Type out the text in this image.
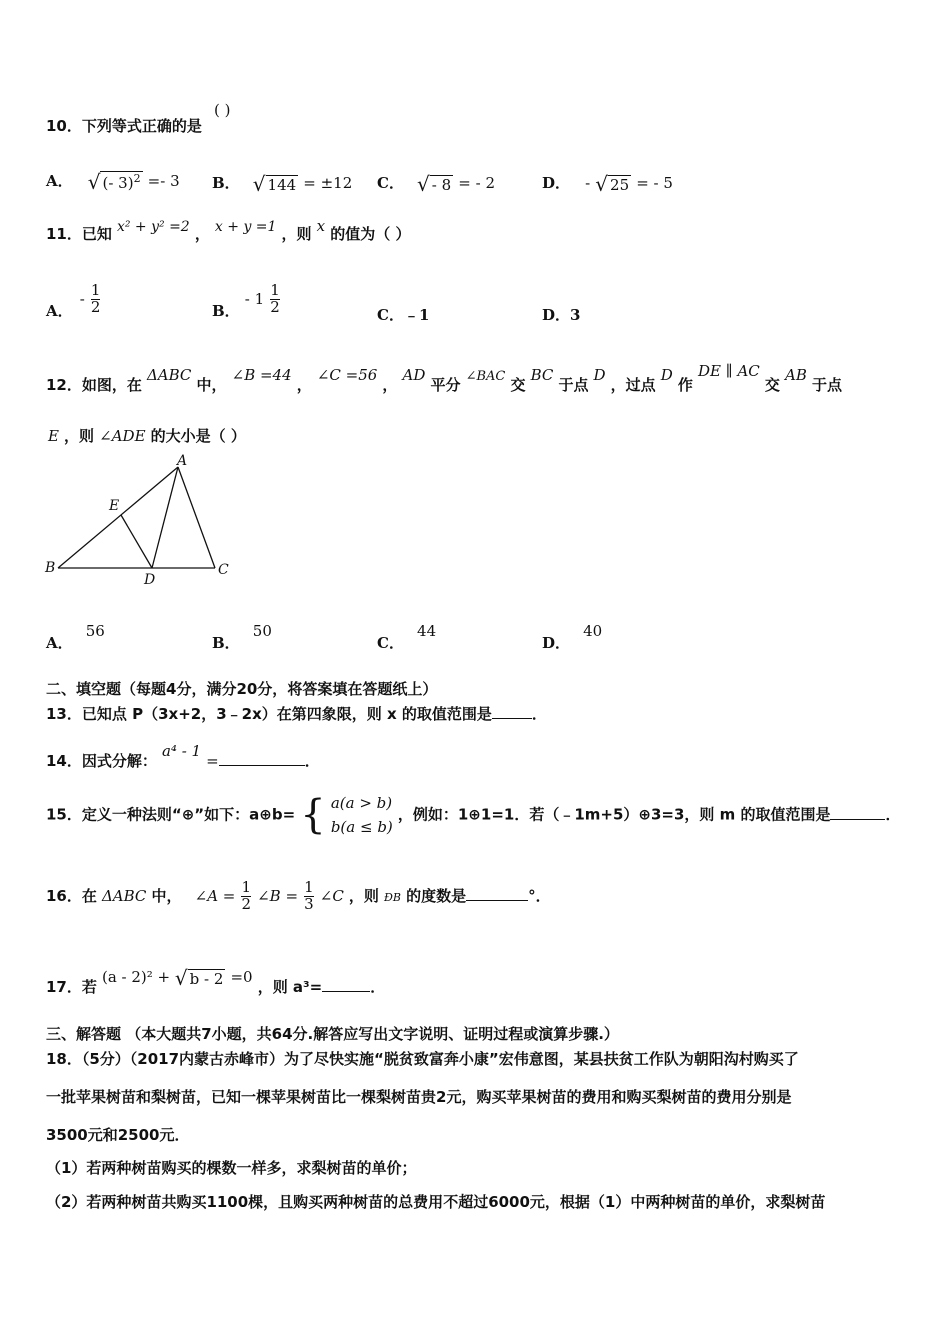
10．下列等式正确的是
( )
A． √ (- 3)$^2$ =- 3 B． √ 144 = ±12 C． √ - 8 = - 2	D． - √ 25 = - 5
11．已知 x² + y² =2 ， x + y =1 ，则 x 的值为（ ）
A． - $\frac{1}{2}$	B． - $1 \frac{1}{2}$	C．﹣1	D．3
12．如图，在 ΔABC 中， ∠B =44 ， ∠C =56 ， AD 平分 $^{\angle BAC}$ 交 BC 于点 D ，过点 D 作 DE ∥ AC 交 AB 于点
E ，则 ∠ADE 的大小是（ ）
A
B	C
D
E
A． 56
B． 50
C． 44
D． 40
二、填空题（每题4分，满分20分，将答案填在答题纸上）
13．已知点 P（3x+2，3﹣2x）在第四象限，则 x 的取值范围是	．
14．因式分解： a⁴ - 1 =	．
15．定义一种法则“⊕”如下：a⊕b= { a(a > b)
b(a ≤ b)
，例如：1⊕1=1．若（﹣1m+5）⊕3=3，则 m 的取值范围是	．
16．在 ΔABC 中， ∠A = $\frac{1}{2}$ ∠B = $\frac{1}{3}$ ∠C ，则 ÐB 的度数是	°．
17．若 (a - 2)² + √ b - 2 =0 ，则 a³=	．
三、解答题 （本大题共7小题，共64分.解答应写出文字说明、证明过程或演算步骤.）
18．（5分）（2017内蒙古赤峰市）为了尽快实施“脱贫致富奔小康”宏伟意图，某县扶贫工作队为朝阳沟村购买了
一批苹果树苗和梨树苗，已知一棵苹果树苗比一棵梨树苗贵2元，购买苹果树苗的费用和购买梨树苗的费用分别是
3500元和2500元．
（1）若两种树苗购买的棵数一样多，求梨树苗的单价；
（2）若两种树苗共购买1100棵，且购买两种树苗的总费用不超过6000元，根据（1）中两种树苗的单价，求梨树苗
